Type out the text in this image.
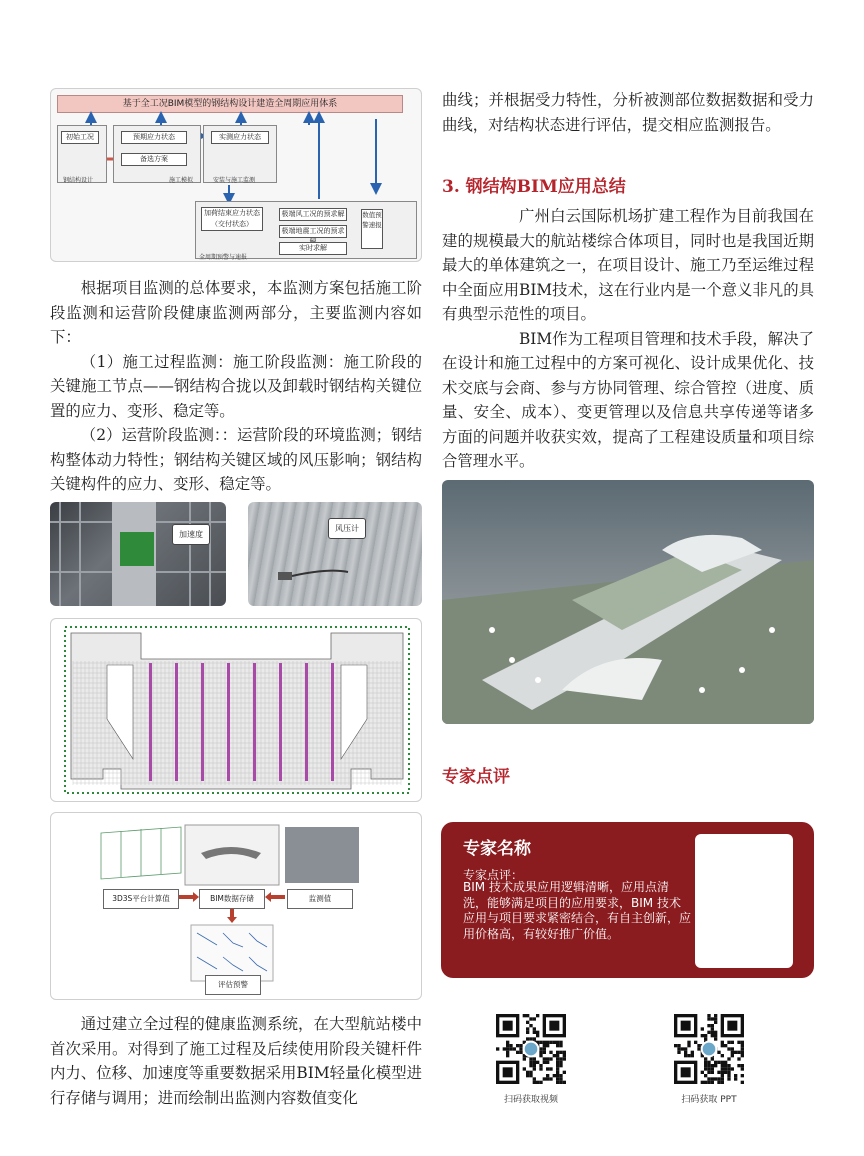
基于全工况BIM模型的钢结构设计建造全周期应用体系
初始工况	预期应力状态	实测应力状态
备选方案
钢结构设计	施工模拟	安装与施工监测
加荷结束应力状态（交付状态）
极端风工况的预求解
极端地震工况的预求
实时求解
数值预警速报
全周期预警与速报

根据项目监测的总体要求，本监测方案包括施工阶段监测和运营阶段健康监测两部分，主要监测内容如下：

（1）施工过程监测：施工阶段监测：施工阶段的关键施工节点——钢结构合拢以及卸载时钢结构关键位置的应力、变形、稳定等。

（2）运营阶段监测：：运营阶段的环境监测；钢结构整体动力特性；钢结构关键区域的风压影响；钢结构关键构件的应力、变形、稳定等。

加速度
风压计
3D3S平台计算值	BIM数据存储	监测值
评估预警

通过建立全过程的健康监测系统，在大型航站楼中首次采用。对得到了施工过程及后续使用阶段关键杆件内力、位移、加速度等重要数据采用BIM轻量化模型进行存储与调用；进而绘制出监测内容数值变化

曲线；并根据受力特性，分析被测部位数据数据和受力曲线，对结构状态进行评估，提交相应监测报告。

3. 钢结构BIM应用总结

广州白云国际机场扩建工程作为目前我国在建的规模最大的航站楼综合体项目，同时也是我国近期最大的单体建筑之一，在项目设计、施工乃至运维过程中全面应用BIM技术，这在行业内是一个意义非凡的具有典型示范性的项目。

BIM作为工程项目管理和技术手段，解决了在设计和施工过程中的方案可视化、设计成果优化、技术交底与会商、参与方协同管理、综合管控（进度、质量、安全、成本）、变更管理以及信息共享传递等诸多方面的问题并收获实效，提高了工程建设质量和项目综合管理水平。

专家点评
专家名称
专家点评：
BIM 技术成果应用逻辑清晰，应用点清洗，能够满足项目的应用要求，BIM 技术应用与项目要求紧密结合，有自主创新，应用价格高，有较好推广价值。
扫码获取视频	扫码获取 PPT
